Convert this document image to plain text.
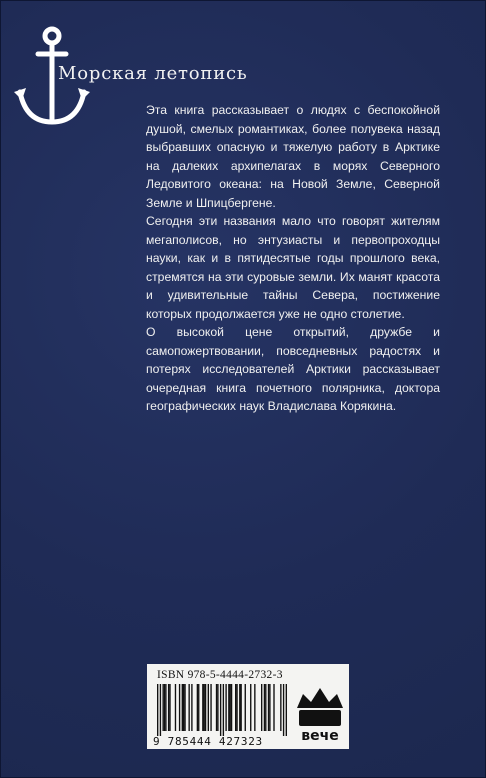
Морская летопись

Эта книга рассказывает о людях с беспокойной душой, смелых романтиках, более полувека назад выбравших опасную и тяжелую работу в Арктике на далеких архипелагах в морях Северного Ледовитого океана: на Новой Земле, Северной Земле и Шпицбергене.

Сегодня эти названия мало что говорят жителям мегаполисов, но энтузиасты и первопроходцы науки, как и в пятидесятые годы прошлого века, стремятся на эти суровые земли. Их манят красота и удивительные тайны Севера, постижение которых продолжается уже не одно столетие.

О высокой цене открытий, дружбе и самопожертвовании, повседневных радостях и потерях исследователей Арктики рассказывает очередная книга почетного полярника, доктора географических наук Владислава Корякина.

ISBN 978-5-4444-2732-3
9 785444 427323	вече
